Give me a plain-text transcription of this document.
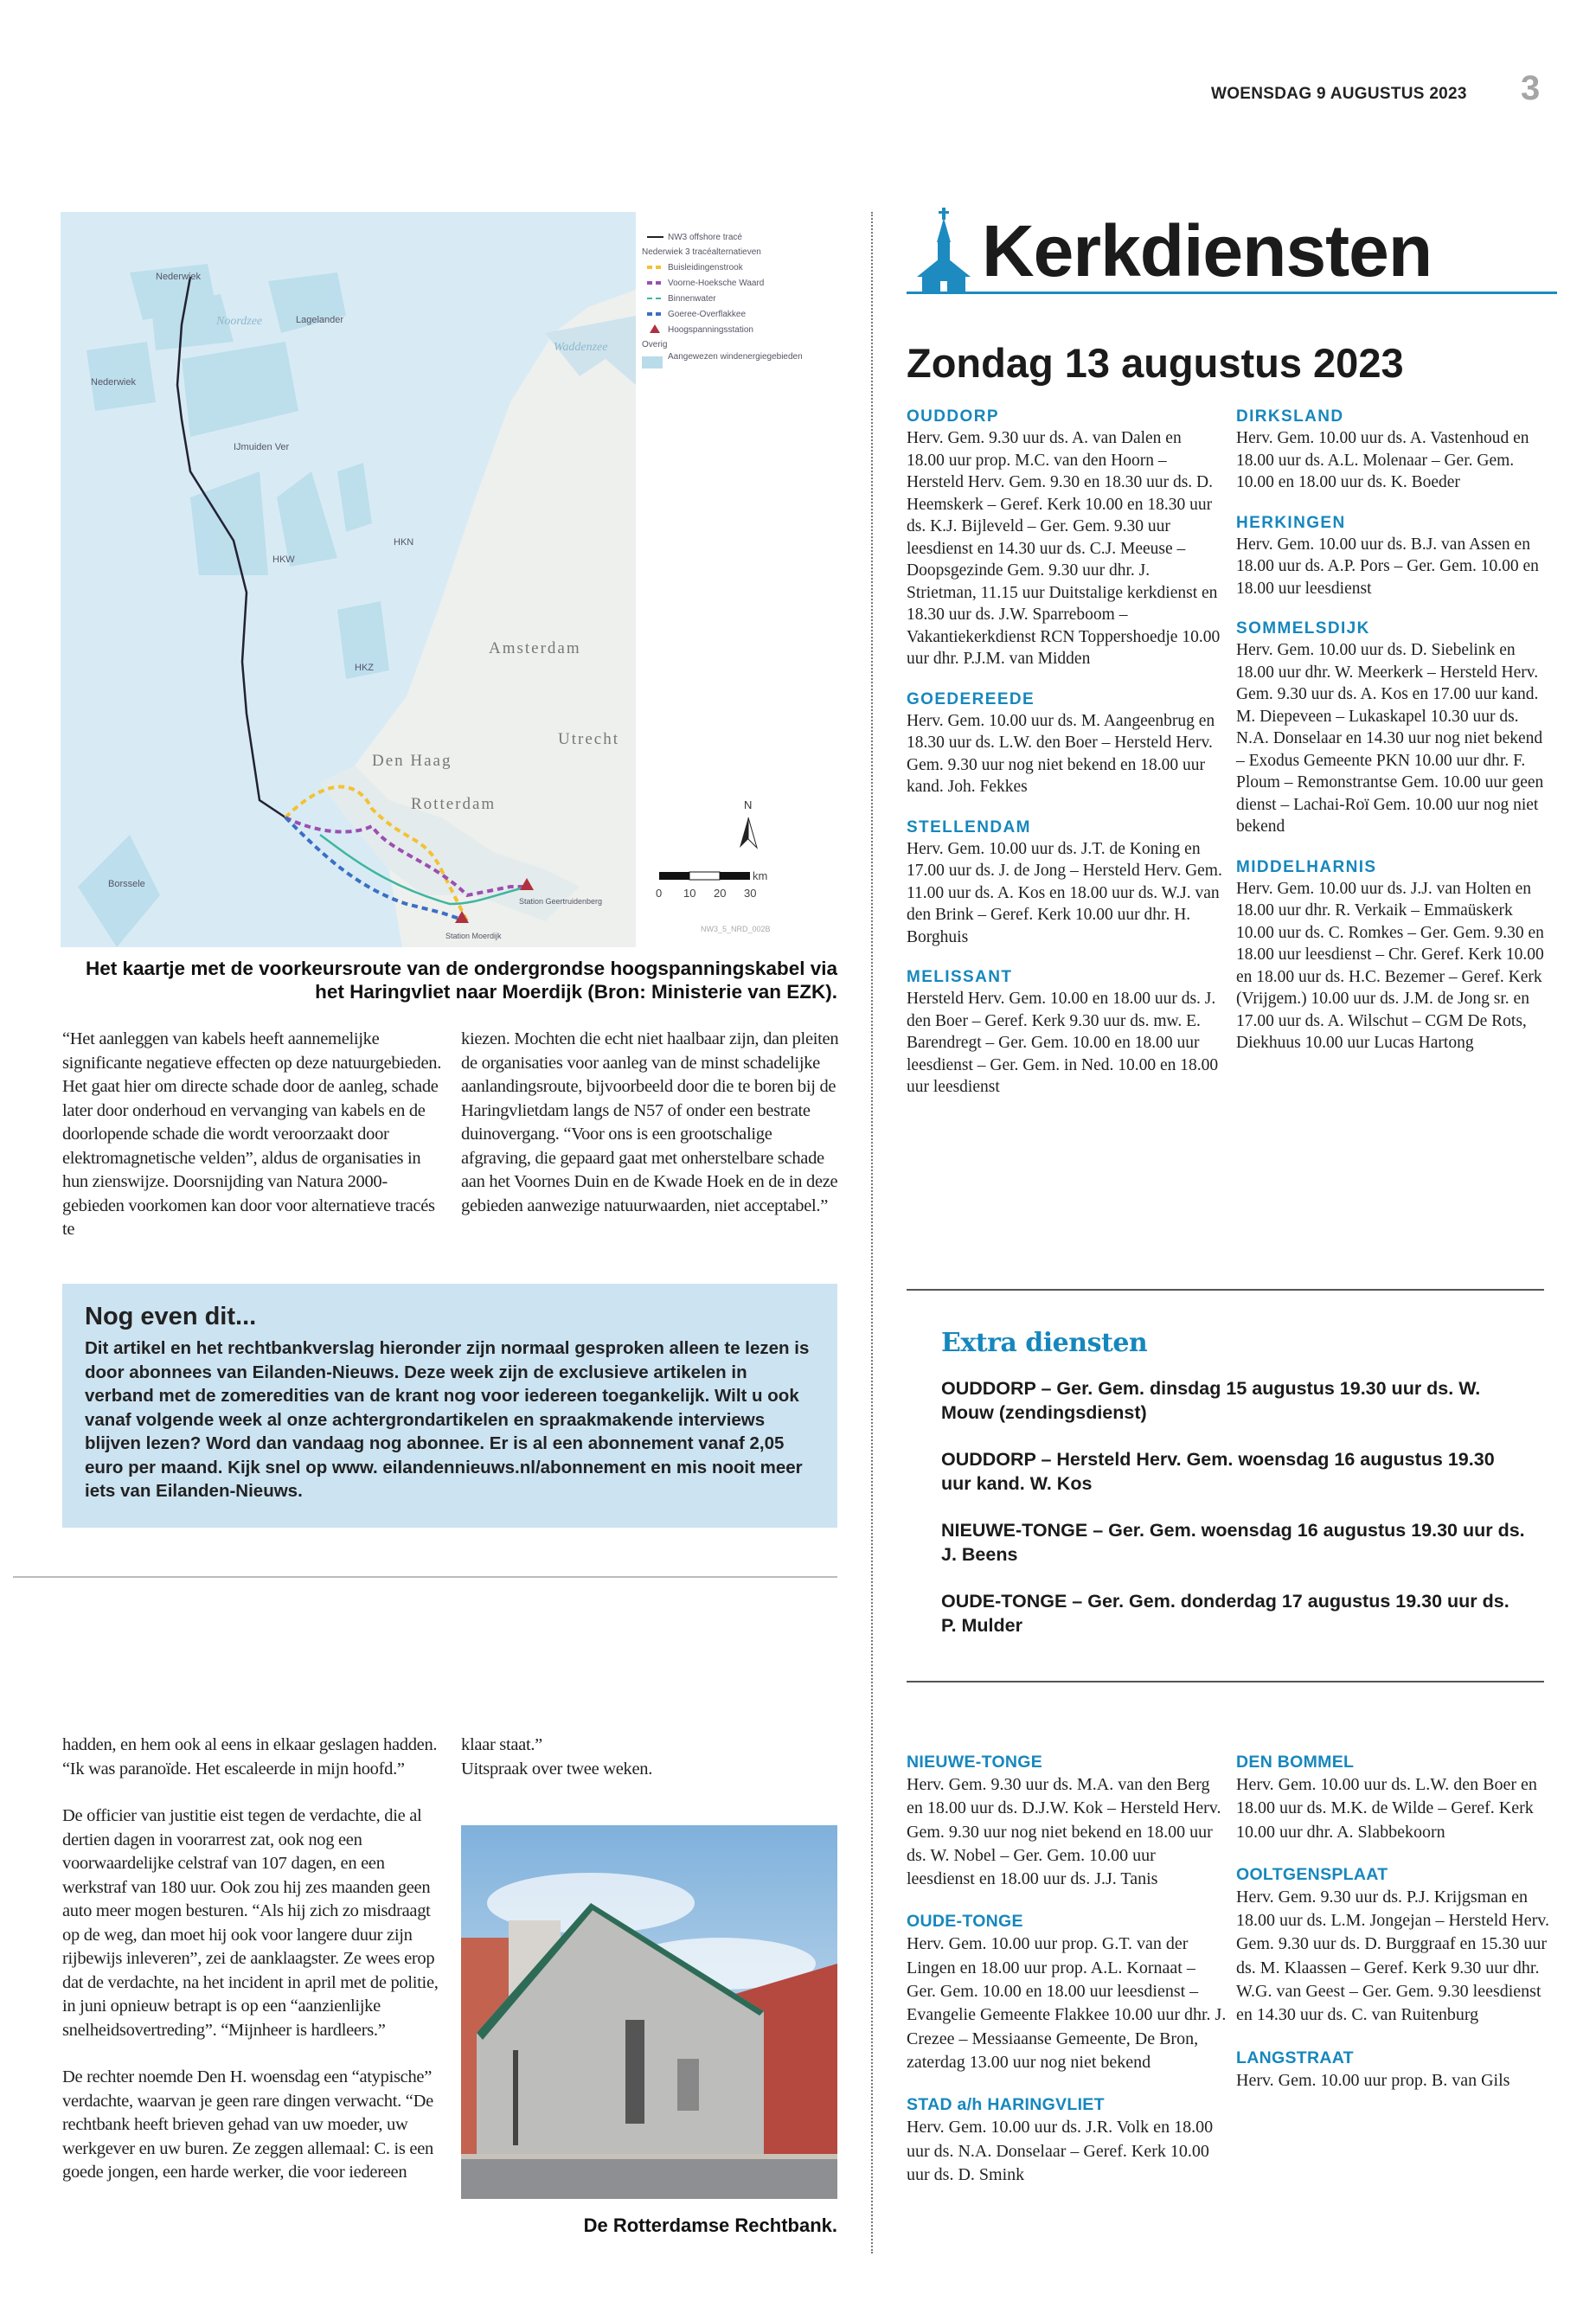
WOENSDAG 9 AUGUSTUS 2023 3
Nederwiek
Noordzee	Lagelander
Waddenzee
Nederwiek
IJmuiden Ver
HKW
HKN
HKZ
Amsterdam
Utrecht
Den Haag
Rotterdam
Borssele
Station Moerdijk
Station Geertruidenberg
NW3 offshore tracé
Nederwiek 3 tracéalternatieven
Buisleidingenstrook
Voorne-Hoeksche Waard
Binnenwater
Goeree-Overflakkee
Hoogspanningsstation
Overig
Aangewezen windenergiegebieden
N
km
0 10 20 30
NW3_5_NRD_002B
Het kaartje met de voorkeursroute van de ondergrondse hoogspanningskabel via het Haringvliet naar Moerdijk (Bron: Ministerie van EZK).

“Het aanleggen van kabels heeft aannemelijke significante negatieve effecten op deze natuurgebieden. Het gaat hier om directe schade door de aanleg, schade later door onderhoud en vervanging van kabels en de doorlopende schade die wordt veroorzaakt door elektromagnetische velden”, aldus de organisaties in hun zienswijze. Doorsnijding van Natura 2000-gebieden voorkomen kan door voor alternatieve tracés te

kiezen. Mochten die echt niet haalbaar zijn, dan pleiten de organisaties voor aanleg van de minst schadelijke aanlandingsroute, bijvoorbeeld door die te boren bij de Haringvlietdam langs de N57 of onder een bestrate duinovergang. “Voor ons is een grootschalige afgraving, die gepaard gaat met onherstelbare schade aan het Voornes Duin en de Kwade Hoek en de in deze gebieden aanwezige natuurwaarden, niet acceptabel.”

Nog even dit...
Dit artikel en het rechtbankverslag hieronder zijn normaal gesproken alleen te lezen is door abonnees van Eilanden-Nieuws. Deze week zijn de exclusieve artikelen in verband met de zomeredities van de krant nog voor iedereen toegankelijk. Wilt u ook vanaf volgende week al onze achtergrondartikelen en spraakmakende interviews blijven lezen? Word dan vandaag nog abonnee. Er is al een abonnement vanaf 2,05 euro per maand. Kijk snel op www. eilandennieuws.nl/abonnement en mis nooit meer iets van Eilanden-Nieuws.

hadden, en hem ook al eens in elkaar geslagen hadden. “Ik was paranoïde. Het escaleerde in mijn hoofd.”

De officier van justitie eist tegen de verdachte, die al dertien dagen in voorarrest zat, ook nog een voorwaardelijke celstraf van 107 dagen, en een werkstraf van 180 uur. Ook zou hij zes maanden geen auto meer mogen besturen. “Als hij zich zo misdraagt op de weg, dan moet hij ook voor langere duur zijn rijbewijs inleveren”, zei de aanklaagster. Ze wees erop dat de verdachte, na het incident in april met de politie, in juni opnieuw betrapt is op een “aanzienlijke snelheidsovertreding”. “Mijnheer is hardleers.”

De rechter noemde Den H. woensdag een “atypische” verdachte, waarvan je geen rare dingen verwacht. “De rechtbank heeft brieven gehad van uw moeder, uw werkgever en uw buren. Ze zeggen allemaal: C. is een goede jongen, een harde werker, die voor iedereen

klaar staat.”
Uitspraak over twee weken.
De Rotterdamse Rechtbank.
Kerkdiensten
Zondag 13 augustus 2023
OUDDORP
Herv. Gem. 9.30 uur ds. A. van Dalen en 18.00 uur prop. M.C. van den Hoorn – Hersteld Herv. Gem. 9.30 en 18.30 uur ds. D. Heemskerk – Geref. Kerk 10.00 en 18.30 uur ds. K.J. Bijleveld – Ger. Gem. 9.30 uur leesdienst en 14.30 uur ds. C.J. Meeuse – Doopsgezinde Gem. 9.30 uur dhr. J. Strietman, 11.15 uur Duitstalige kerkdienst en 18.30 uur ds. J.W. Sparreboom – Vakantiekerkdienst RCN Toppershoedje 10.00 uur dhr. P.J.M. van Midden
GOEDEREEDE
Herv. Gem. 10.00 uur ds. M. Aangeenbrug en 18.30 uur ds. L.W. den Boer – Hersteld Herv. Gem. 9.30 uur nog niet bekend en 18.00 uur kand. Joh. Fekkes
STELLENDAM
Herv. Gem. 10.00 uur ds. J.T. de Koning en 17.00 uur ds. J. de Jong – Hersteld Herv. Gem. 11.00 uur ds. A. Kos en 18.00 uur ds. W.J. van den Brink – Geref. Kerk 10.00 uur dhr. H. Borghuis
MELISSANT
Hersteld Herv. Gem. 10.00 en 18.00 uur ds. J. den Boer – Geref. Kerk 9.30 uur ds. mw. E. Barendregt – Ger. Gem. 10.00 en 18.00 uur leesdienst – Ger. Gem. in Ned. 10.00 en 18.00 uur leesdienst
DIRKSLAND
Herv. Gem. 10.00 uur ds. A. Vastenhoud en 18.00 uur ds. A.L. Molenaar – Ger. Gem. 10.00 en 18.00 uur ds. K. Boeder
HERKINGEN
Herv. Gem. 10.00 uur ds. B.J. van Assen en 18.00 uur ds. A.P. Pors – Ger. Gem. 10.00 en 18.00 uur leesdienst
SOMMELSDIJK
Herv. Gem. 10.00 uur ds. D. Siebelink en 18.00 uur dhr. W. Meerkerk – Hersteld Herv. Gem. 9.30 uur ds. A. Kos en 17.00 uur kand. M. Diepeveen – Lukaskapel 10.30 uur ds. N.A. Donselaar en 14.30 uur nog niet bekend – Exodus Gemeente PKN 10.00 uur dhr. F. Ploum – Remonstrantse Gem. 10.00 uur geen dienst – Lachai-Roï Gem. 10.00 uur nog niet bekend
MIDDELHARNIS
Herv. Gem. 10.00 uur ds. J.J. van Holten en 18.00 uur dhr. R. Verkaik – Emmaüskerk 10.00 uur ds. C. Romkes – Ger. Gem. 9.30 en 18.00 uur leesdienst – Chr. Geref. Kerk 10.00 en 18.00 uur ds. H.C. Bezemer – Geref. Kerk (Vrijgem.) 10.00 uur ds. J.M. de Jong sr. en 17.00 uur ds. A. Wilschut – CGM De Rots, Diekhuus 10.00 uur Lucas Hartong
Extra diensten
OUDDORP – Ger. Gem. dinsdag 15 augustus 19.30 uur ds. W. Mouw (zendingsdienst)
OUDDORP – Hersteld Herv. Gem. woensdag 16 augustus 19.30 uur kand. W. Kos
NIEUWE-TONGE – Ger. Gem. woensdag 16 augustus 19.30 uur ds. J. Beens
OUDE-TONGE – Ger. Gem. donderdag 17 augustus 19.30 uur ds. P. Mulder
NIEUWE-TONGE
Herv. Gem. 9.30 uur ds. M.A. van den Berg en 18.00 uur ds. D.J.W. Kok – Hersteld Herv. Gem. 9.30 uur nog niet bekend en 18.00 uur ds. W. Nobel – Ger. Gem. 10.00 uur leesdienst en 18.00 uur ds. J.J. Tanis
OUDE-TONGE
Herv. Gem. 10.00 uur prop. G.T. van der Lingen en 18.00 uur prop. A.L. Kornaat – Ger. Gem. 10.00 en 18.00 uur leesdienst – Evangelie Gemeente Flakkee 10.00 uur dhr. J. Crezee – Messiaanse Gemeente, De Bron, zaterdag 13.00 uur nog niet bekend
STAD a/h HARINGVLIET
Herv. Gem. 10.00 uur ds. J.R. Volk en 18.00 uur ds. N.A. Donselaar – Geref. Kerk 10.00 uur ds. D. Smink
DEN BOMMEL
Herv. Gem. 10.00 uur ds. L.W. den Boer en 18.00 uur ds. M.K. de Wilde – Geref. Kerk 10.00 uur dhr. A. Slabbekoorn
OOLTGENSPLAAT
Herv. Gem. 9.30 uur ds. P.J. Krijgsman en 18.00 uur ds. L.M. Jongejan – Hersteld Herv. Gem. 9.30 uur ds. D. Burggraaf en 15.30 uur ds. M. Klaassen – Geref. Kerk 9.30 uur dhr. W.G. van Geest – Ger. Gem. 9.30 leesdienst en 14.30 uur ds. C. van Ruitenburg
LANGSTRAAT
Herv. Gem. 10.00 uur prop. B. van Gils
